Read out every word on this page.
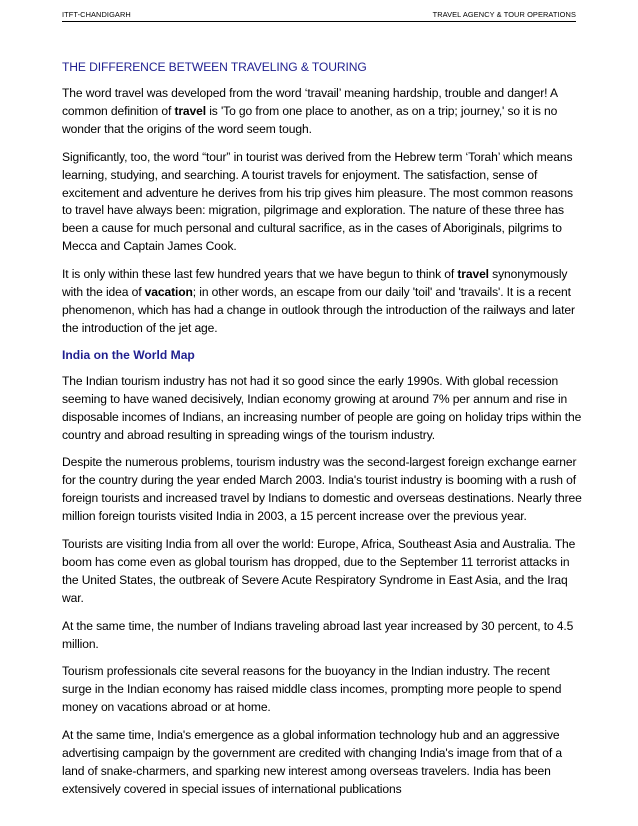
ITFT-CHANDIGARH	TRAVEL AGENCY & TOUR OPERATIONS
THE DIFFERENCE BETWEEN TRAVELING & TOURING

The word travel was developed from the word ‘travail’ meaning hardship, trouble and danger! A common definition of travel is 'To go from one place to another, as on a trip; journey,' so it is no wonder that the origins of the word seem tough.

Significantly, too, the word “tour” in tourist was derived from the Hebrew term ‘Torah’ which means learning, studying, and searching. A tourist travels for enjoyment. The satisfaction, sense of excitement and adventure he derives from his trip gives him pleasure. The most common reasons to travel have always been: migration, pilgrimage and exploration. The nature of these three has been a cause for much personal and cultural sacrifice, as in the cases of Aboriginals, pilgrims to Mecca and Captain James Cook.

It is only within these last few hundred years that we have begun to think of travel synonymously with the idea of vacation; in other words, an escape from our daily 'toil' and 'travails'. It is a recent phenomenon, which has had a change in outlook through the introduction of the railways and later the introduction of the jet age.

India on the World Map

The Indian tourism industry has not had it so good since the early 1990s. With global recession seeming to have waned decisively, Indian economy growing at around 7% per annum and rise in disposable incomes of Indians, an increasing number of people are going on holiday trips within the country and abroad resulting in spreading wings of the tourism industry.

Despite the numerous problems, tourism industry was the second-largest foreign exchange earner for the country during the year ended March 2003. India's tourist industry is booming with a rush of foreign tourists and increased travel by Indians to domestic and overseas destinations. Nearly three million foreign tourists visited India in 2003, a 15 percent increase over the previous year.

Tourists are visiting India from all over the world: Europe, Africa, Southeast Asia and Australia. The boom has come even as global tourism has dropped, due to the September 11 terrorist attacks in the United States, the outbreak of Severe Acute Respiratory Syndrome in East Asia, and the Iraq war.

At the same time, the number of Indians traveling abroad last year increased by 30 percent, to 4.5 million.

Tourism professionals cite several reasons for the buoyancy in the Indian industry. The recent surge in the Indian economy has raised middle class incomes, prompting more people to spend money on vacations abroad or at home.

At the same time, India's emergence as a global information technology hub and an aggressive advertising campaign by the government are credited with changing India's image from that of a land of snake-charmers, and sparking new interest among overseas travelers. India has been extensively covered in special issues of international publications
